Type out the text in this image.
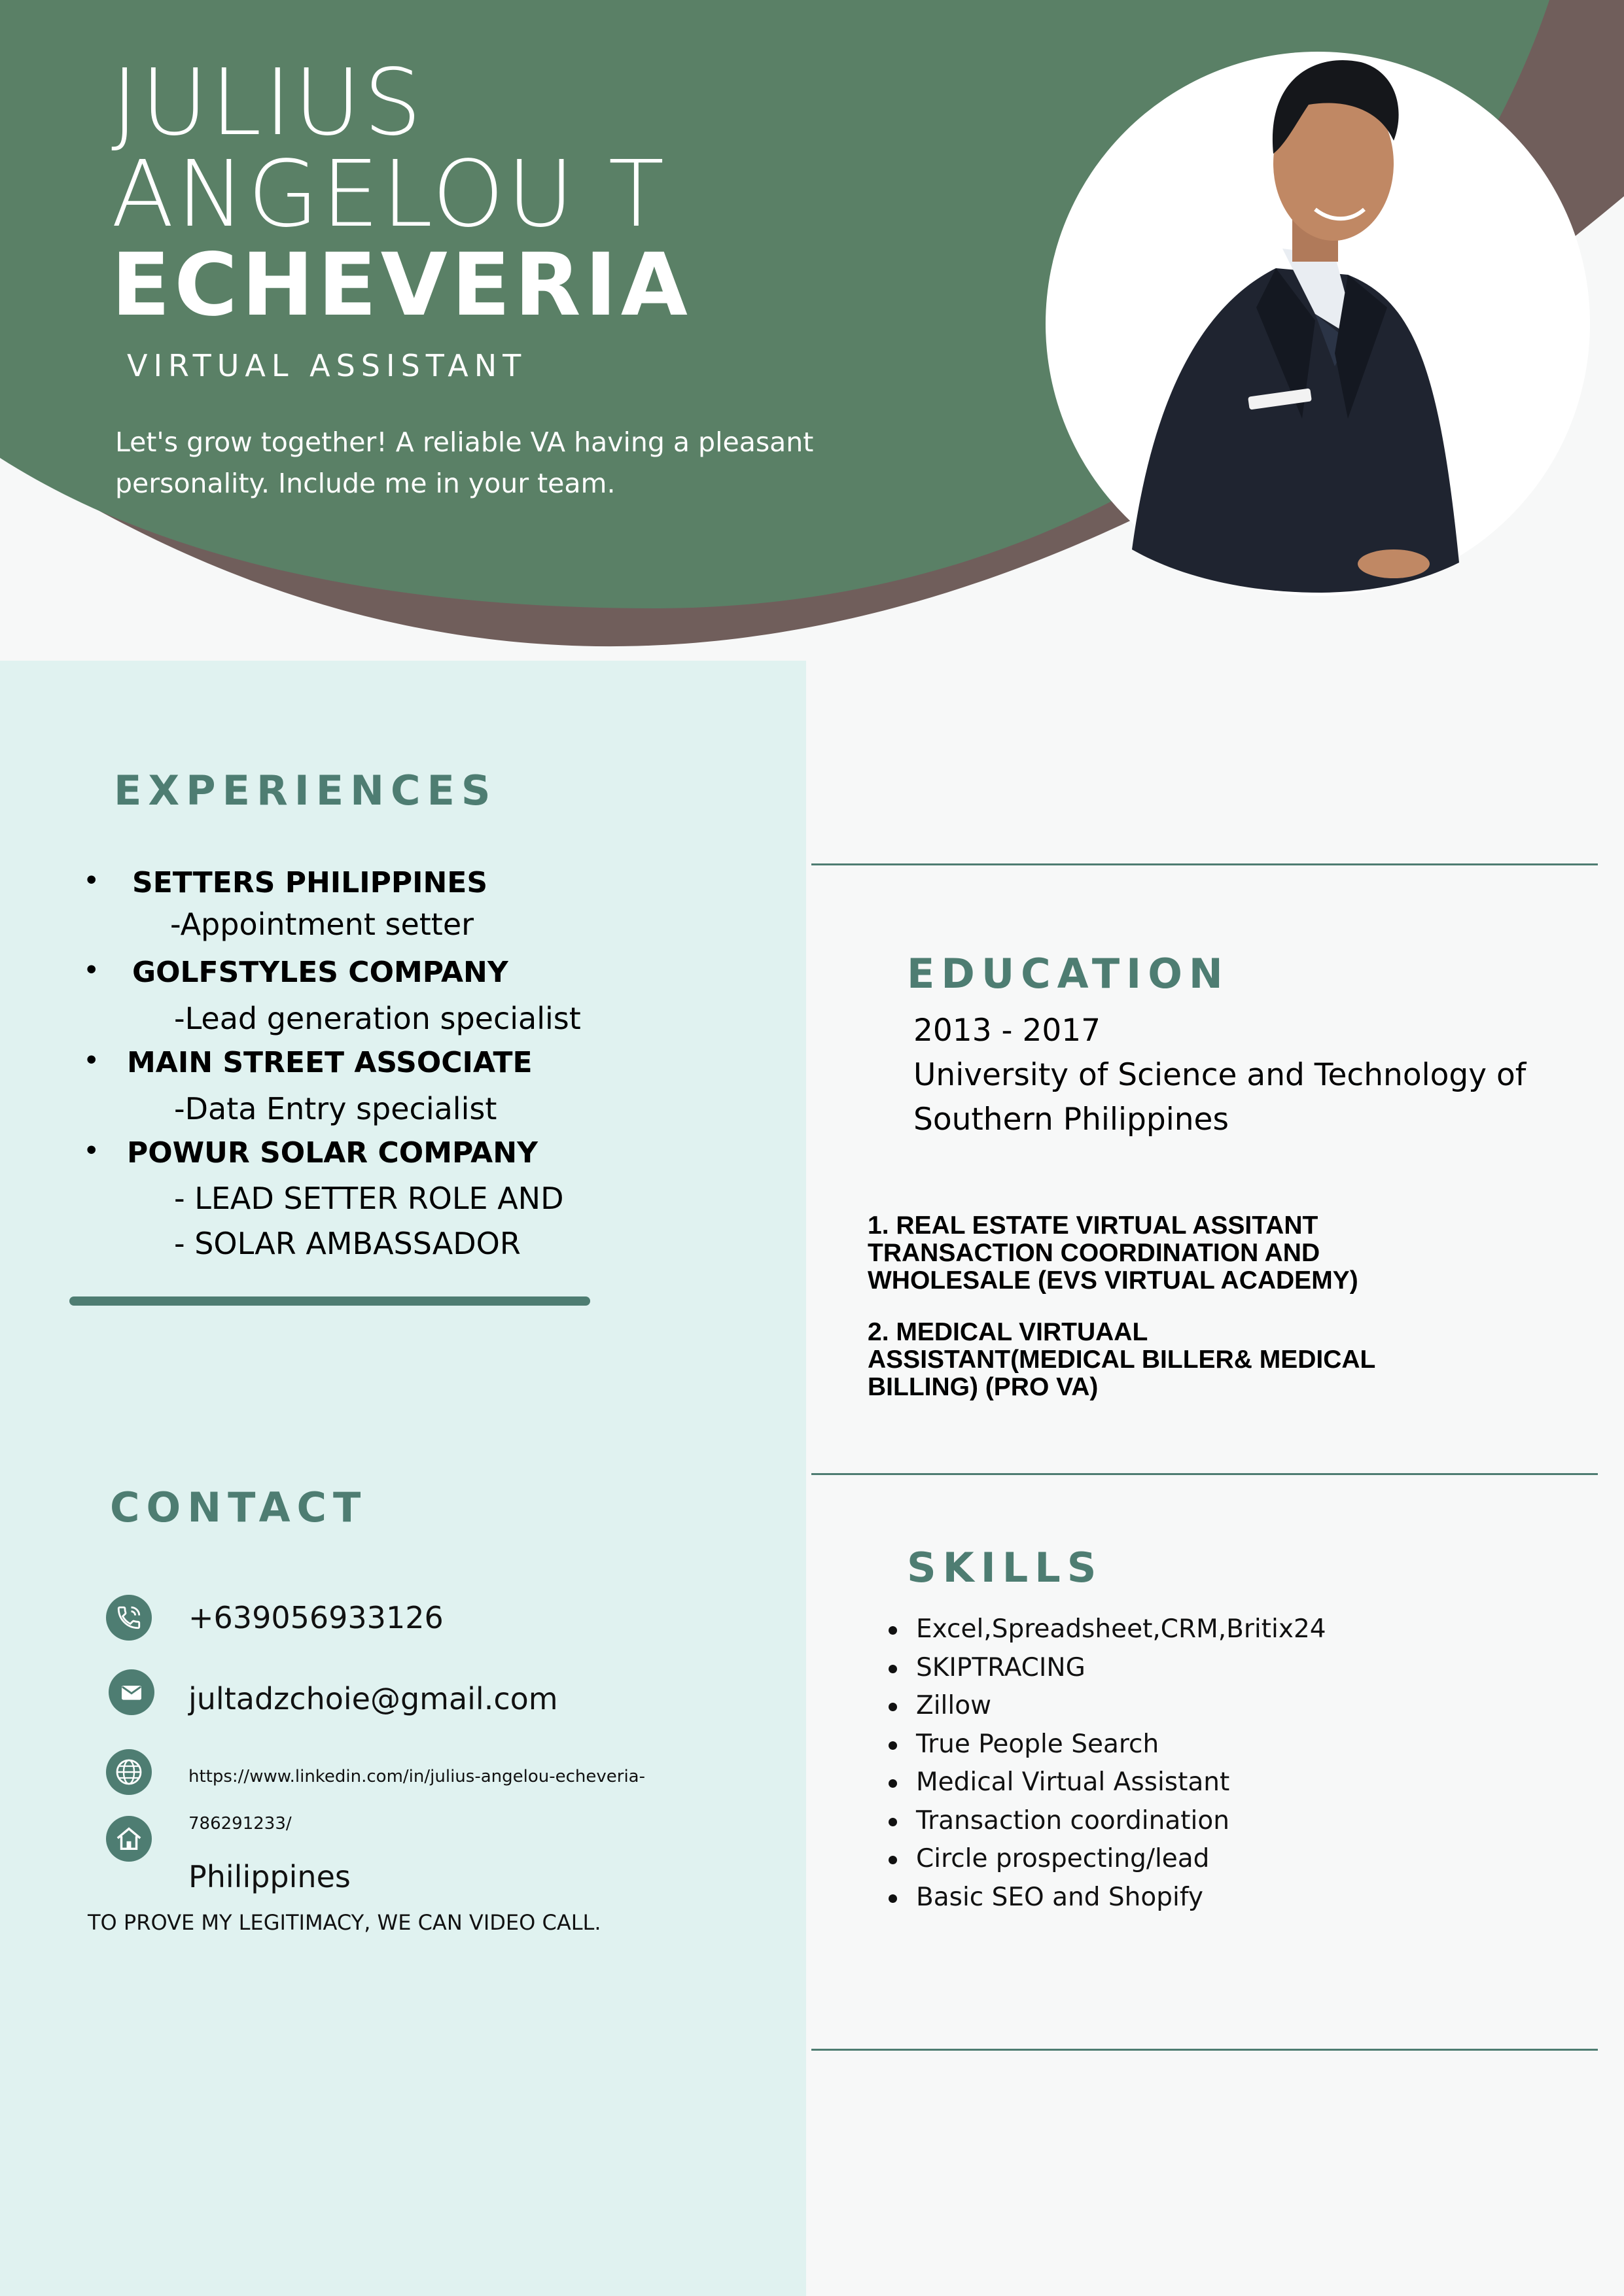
JULIUS
ANGELOU T
ECHEVERIA
VIRTUAL ASSISTANT
Let's grow together! A reliable VA having a pleasant
personality. Include me in your team.
EXPERIENCES
• SETTERS PHILIPPINES
-Appointment setter
• GOLFSTYLES COMPANY
-Lead generation specialist
• MAIN STREET ASSOCIATE
-Data Entry specialist
• POWUR SOLAR COMPANY
- LEAD SETTER ROLE AND
- SOLAR AMBASSADOR
EDUCATION
2013 - 2017
University of Science and Technology of
Southern Philippines
1. REAL ESTATE VIRTUAL ASSITANT
TRANSACTION COORDINATION AND
WHOLESALE (EVS VIRTUAL ACADEMY)
2. MEDICAL VIRTUAAL
ASSISTANT(MEDICAL BILLER& MEDICAL
BILLING) (PRO VA)
SKILLS
Excel,Spreadsheet,CRM,Britix24
SKIPTRACING
Zillow
True People Search
Medical Virtual Assistant
Transaction coordination
Circle prospecting/lead
Basic SEO and Shopify
CONTACT
+639056933126
jultadzchoie@gmail.com
https://www.linkedin.com/in/julius-angelou-echeveria-
786291233/
Philippines
TO PROVE MY LEGITIMACY, WE CAN VIDEO CALL.
